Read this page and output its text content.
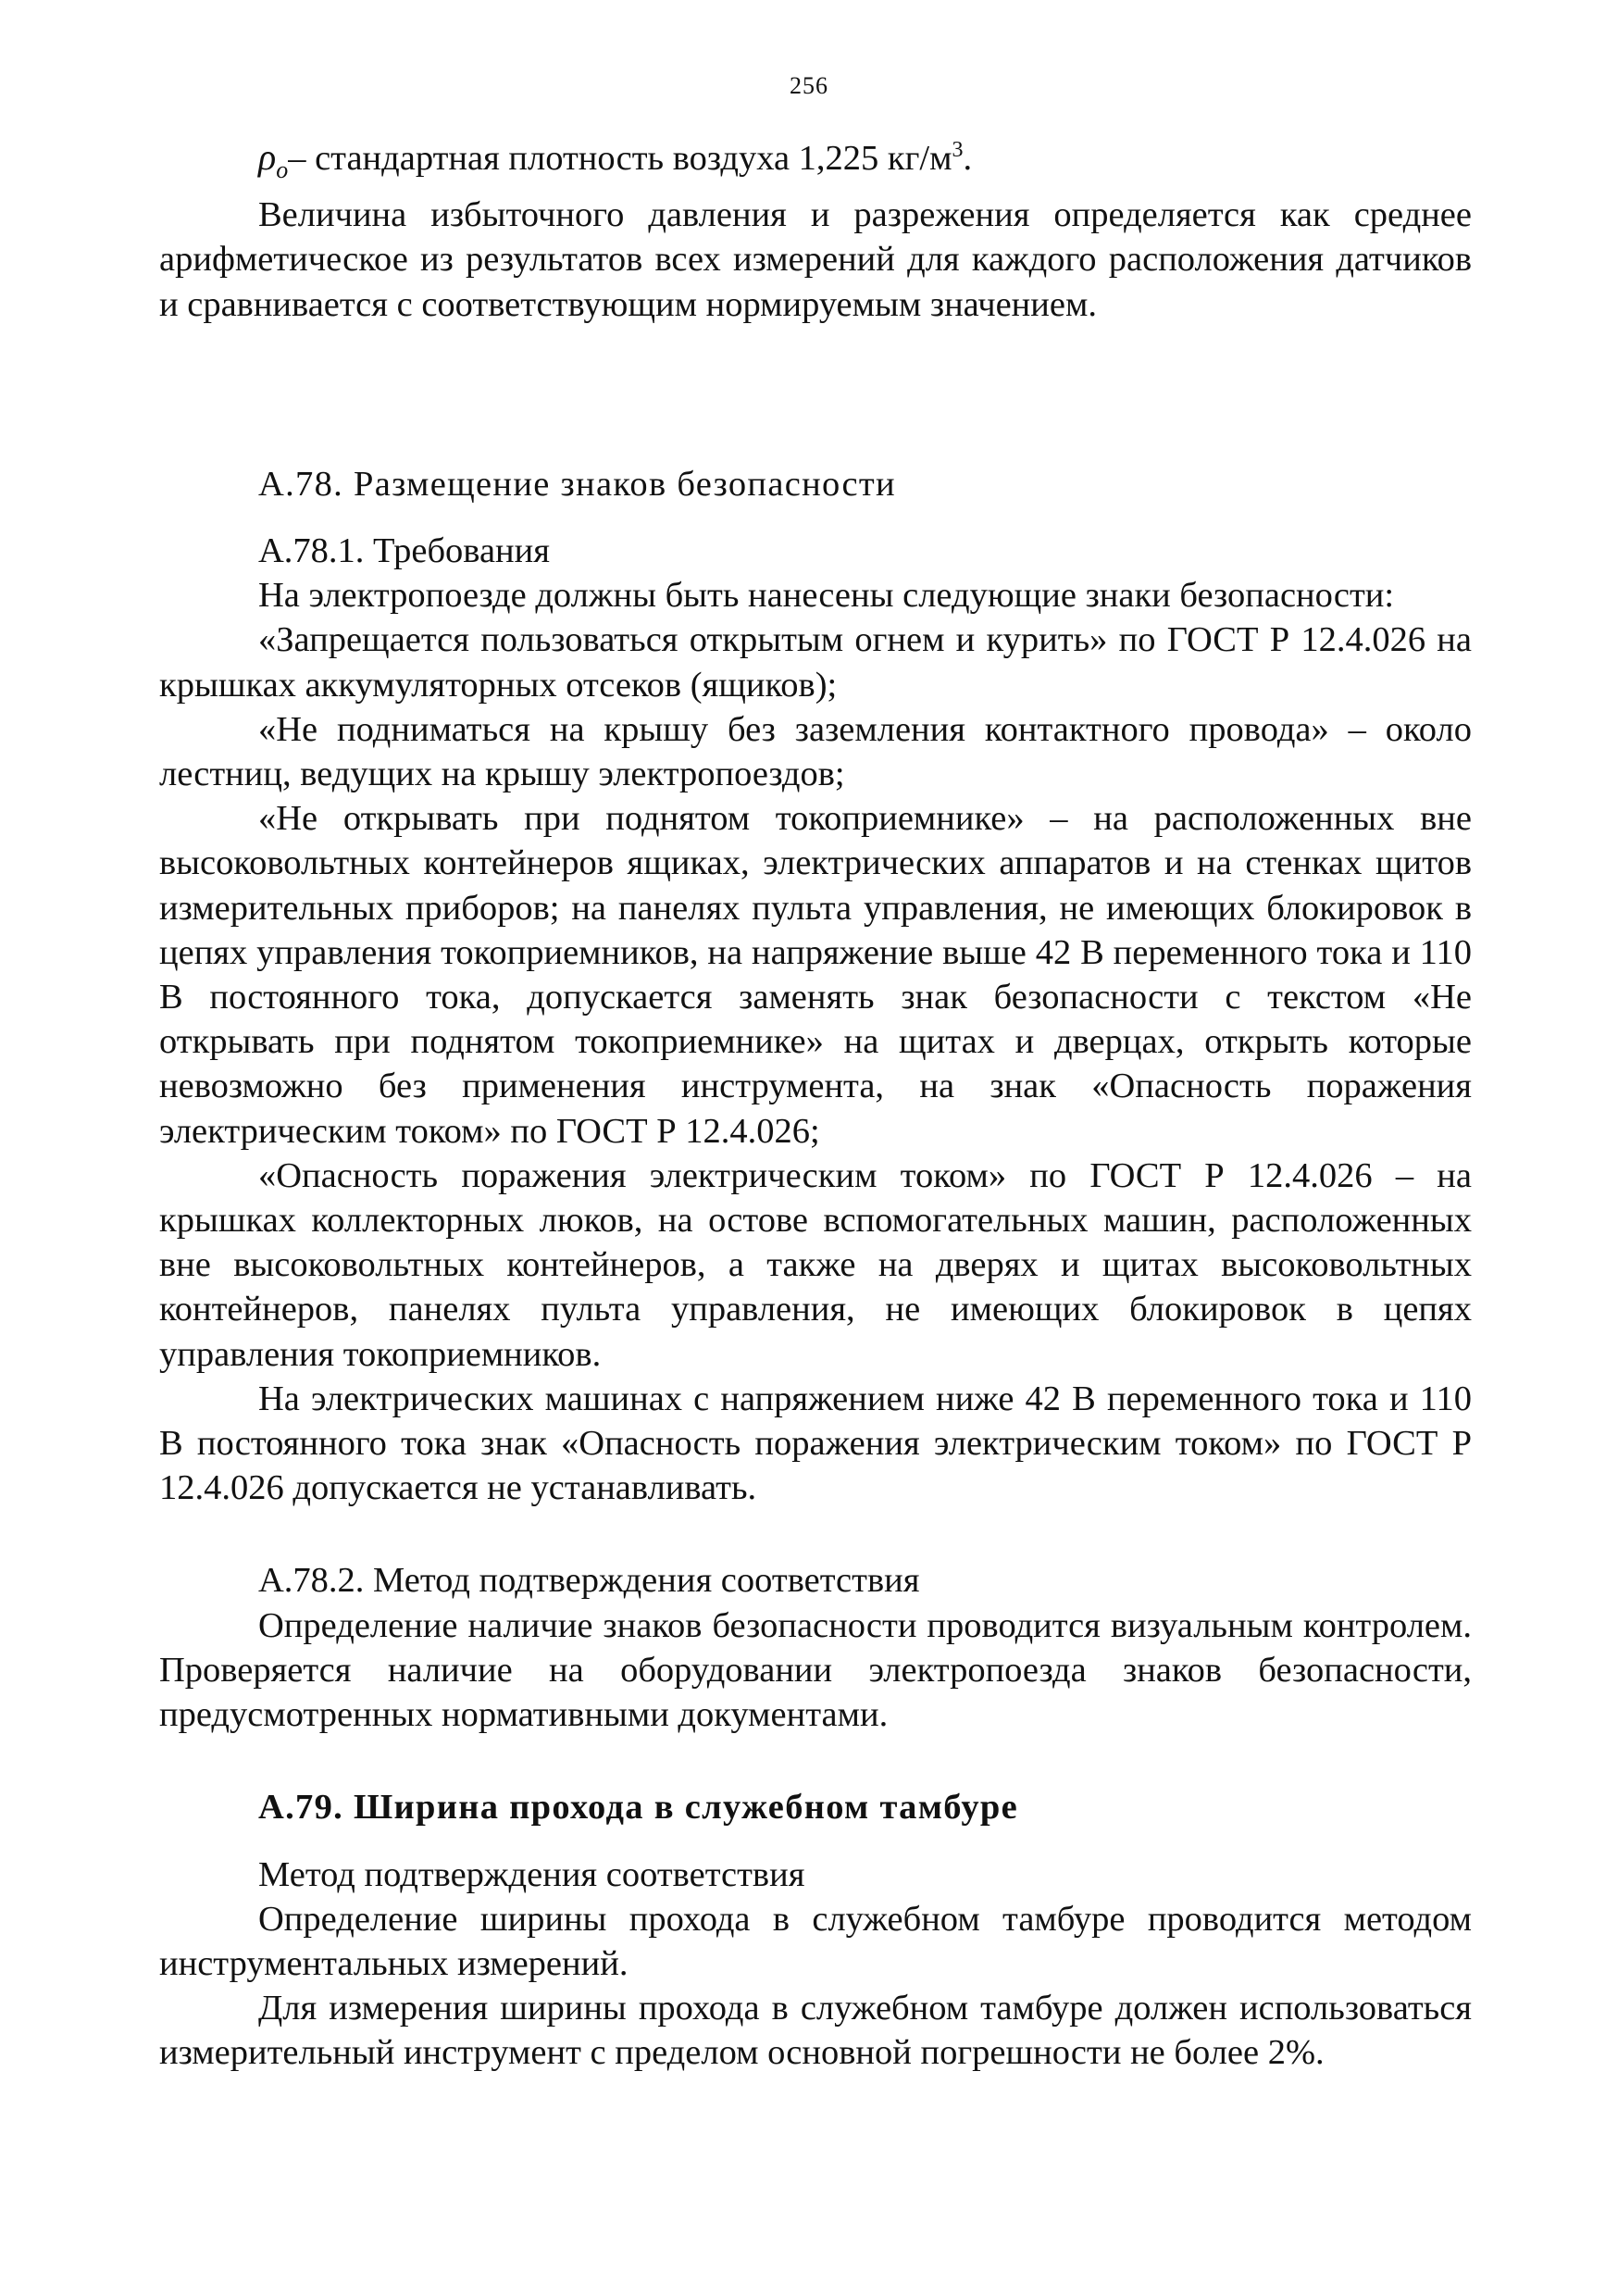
256

$\rho_o-$ стандартная плотность воздуха 1,225 $кг/м^3$.

Величина избыточного давления и разрежения определяется как среднее арифметическое из результатов всех измерений для каждого расположения датчиков и сравнивается с соответствующим нормируемым значением.

А.78. Размещение знаков безопасности

А.78.1. Требования

На электропоезде должны быть нанесены следующие знаки безопасности:

«Запрещается пользоваться открытым огнем и курить» по ГОСТ Р 12.4.026 на крышках аккумуляторных отсеков (ящиков);

«Не подниматься на крышу без заземления контактного провода» – около лестниц, ведущих на крышу электропоездов;

«Не открывать при поднятом токоприемнике» – на расположенных вне высоковольтных контейнеров ящиках, электрических аппаратов и на стенках щитов измерительных приборов; на панелях пульта управления, не имеющих блокировок в цепях управления токоприемников, на напряжение выше 42 В переменного тока и 110 В постоянного тока, допускается заменять знак безопасности с текстом «Не открывать при поднятом токоприемнике» на щитах и дверцах, открыть которые невозможно без применения инструмента, на знак «Опасность поражения электрическим током» по ГОСТ Р 12.4.026;

«Опасность поражения электрическим током» по ГОСТ Р 12.4.026 – на крышках коллекторных люков, на остове вспомогательных машин, расположенных вне высоковольтных контейнеров, а также на дверях и щитах высоковольтных контейнеров, панелях пульта управления, не имеющих блокировок в цепях управления токоприемников.

На электрических машинах с напряжением ниже 42 В переменного тока и 110 В постоянного тока знак «Опасность поражения электрическим током» по ГОСТ Р 12.4.026 допускается не устанавливать.

А.78.2. Метод подтверждения соответствия

Определение наличие знаков безопасности проводится визуальным контролем. Проверяется наличие на оборудовании электропоезда знаков безопасности, предусмотренных нормативными документами.

А.79. Ширина прохода в служебном тамбуре

Метод подтверждения соответствия

Определение ширины прохода в служебном тамбуре проводится методом инструментальных измерений.

Для измерения ширины прохода в служебном тамбуре должен использоваться измерительный инструмент с пределом основной погрешности не более 2%.
